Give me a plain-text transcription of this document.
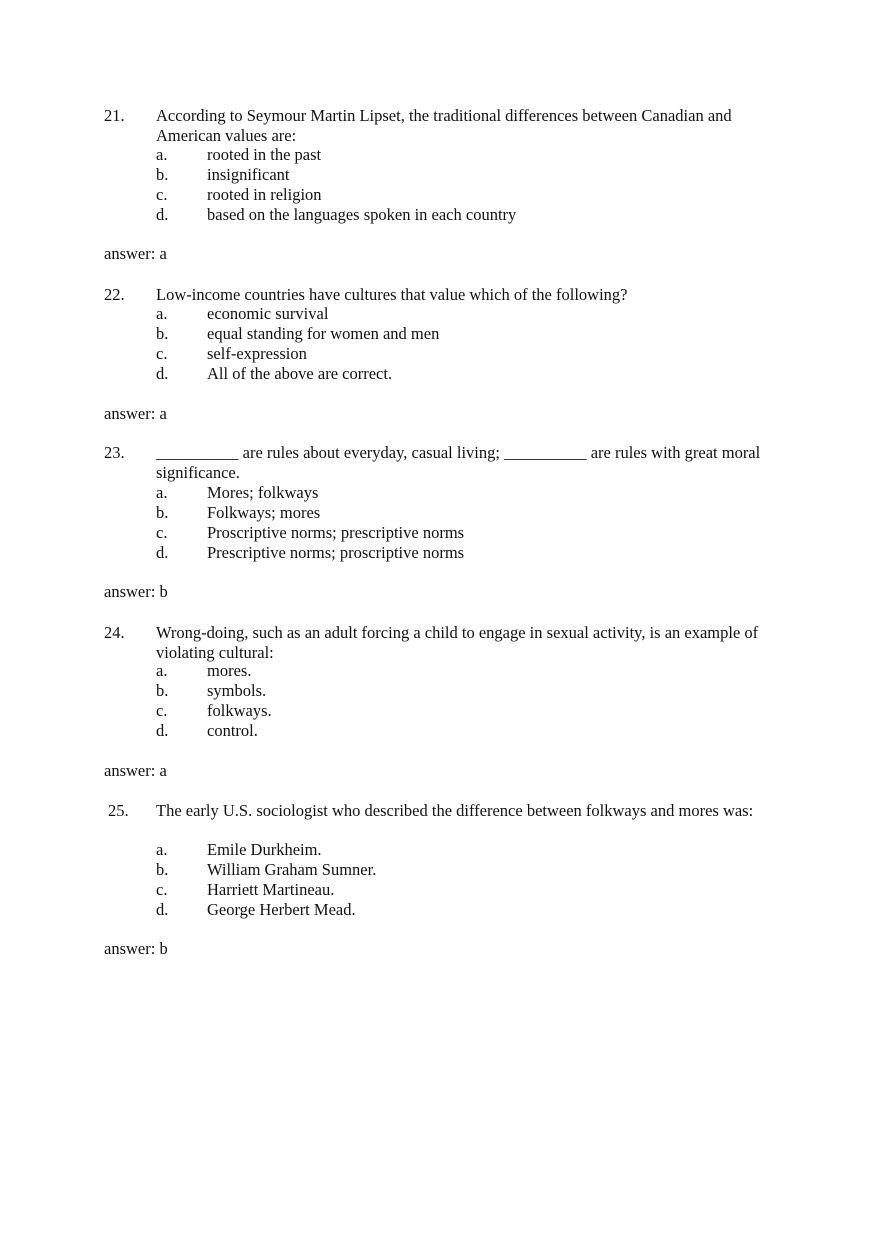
21. According to Seymour Martin Lipset, the traditional differences between Canadian and American values are:
a. rooted in the past
b. insignificant
c. rooted in religion
d. based on the languages spoken in each country
answer: a
22. Low-income countries have cultures that value which of the following?
a. economic survival
b. equal standing for women and men
c. self-expression
d. All of the above are correct.
answer: a
23. __________ are rules about everyday, casual living; __________ are rules with great moral significance.
a. Mores; folkways
b. Folkways; mores
c. Proscriptive norms; prescriptive norms
d. Prescriptive norms; proscriptive norms
answer: b
24. Wrong-doing, such as an adult forcing a child to engage in sexual activity, is an example of violating cultural:
a. mores.
b. symbols.
c. folkways.
d. control.
answer: a
25. The early U.S. sociologist who described the difference between folkways and mores was:
a. Emile Durkheim.
b. William Graham Sumner.
c. Harriett Martineau.
d. George Herbert Mead.
answer: b
